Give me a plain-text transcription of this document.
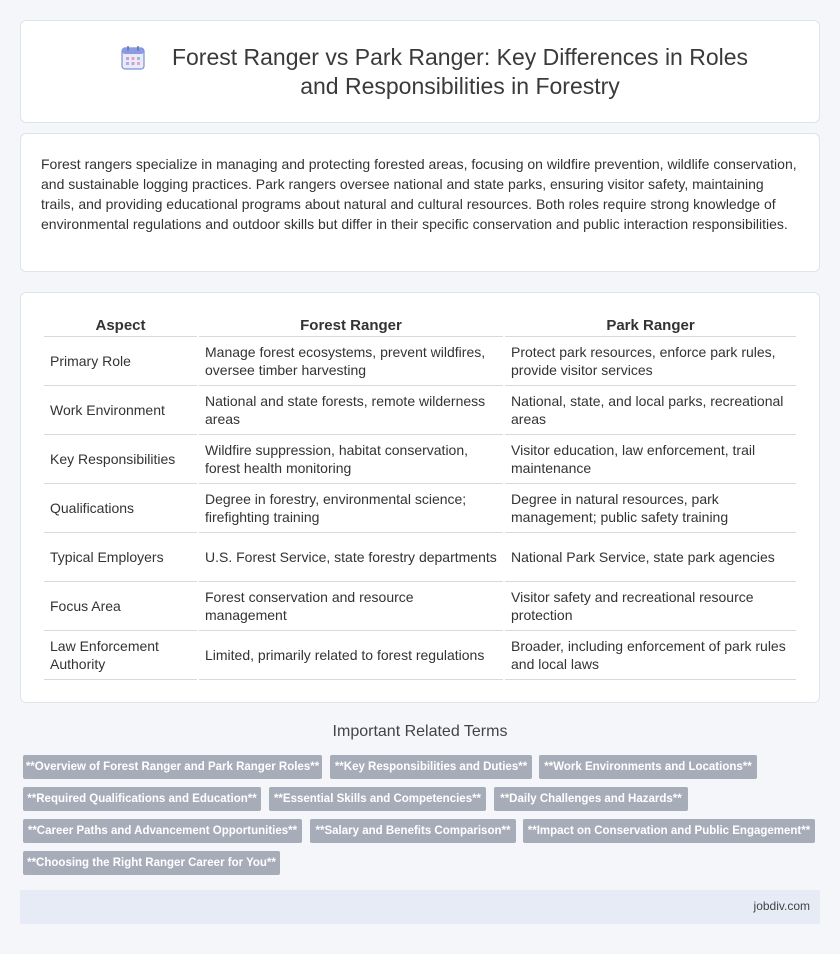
Forest Ranger vs Park Ranger: Key Differences in Roles and Responsibilities in Forestry

Forest rangers specialize in managing and protecting forested areas, focusing on wildfire prevention, wildlife conservation, and sustainable logging practices. Park rangers oversee national and state parks, ensuring visitor safety, maintaining trails, and providing educational programs about natural and cultural resources. Both roles require strong knowledge of environmental regulations and outdoor skills but differ in their specific conservation and public interaction responsibilities.

Aspect	Forest Ranger	Park Ranger
Primary Role	Manage forest ecosystems, prevent wildfires, oversee timber harvesting	Protect park resources, enforce park rules, provide visitor services
Work Environment	National and state forests, remote wilderness areas	National, state, and local parks, recreational areas
Key Responsibilities	Wildfire suppression, habitat conservation, forest health monitoring	Visitor education, law enforcement, trail maintenance
Qualifications	Degree in forestry, environmental science; firefighting training	Degree in natural resources, park management; public safety training
Typical Employers	U.S. Forest Service, state forestry departments	National Park Service, state park agencies
Focus Area	Forest conservation and resource management	Visitor safety and recreational resource protection
Law Enforcement Authority	Limited, primarily related to forest regulations	Broader, including enforcement of park rules and local laws
Important Related Terms
**Overview of Forest Ranger and Park Ranger Roles**	**Key Responsibilities and Duties**	**Work Environments and Locations**
**Required Qualifications and Education**	**Essential Skills and Competencies**	**Daily Challenges and Hazards**
**Career Paths and Advancement Opportunities**	**Salary and Benefits Comparison**	**Impact on Conservation and Public Engagement**
**Choosing the Right Ranger Career for You**
jobdiv.com
